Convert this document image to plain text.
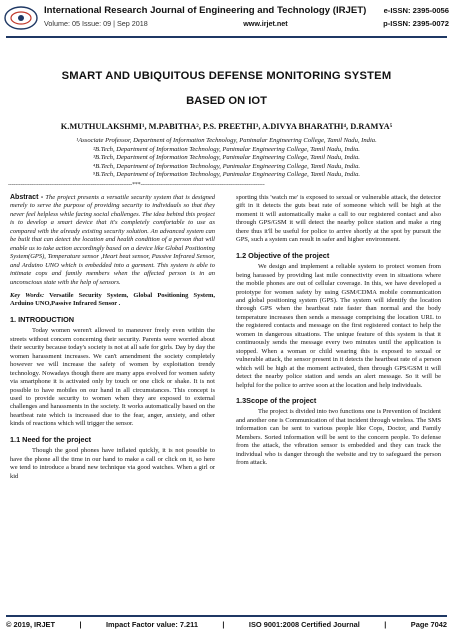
International Research Journal of Engineering and Technology (IRJET) e-ISSN: 2395-0056
Volume: 05 Issue: 09 | Sep 2018	www.irjet.net	p-ISSN: 2395-0072
SMART AND UBIQUITOUS DEFENSE MONITORING SYSTEM
BASED ON IOT
K.MUTHULAKSHMI¹, M.PABITHA², P.S. PREETHI³, A.DIVYA BHARATHI⁴, D.RAMYA⁵
¹Associate Professor, Department of Information Technology, Panimalar Engineering College, Tamil Nadu, India.
²B.Tech, Department of Information Technology, Panimalar Engineering College, Tamil Nadu, India.
³B.Tech, Department of Information Technology, Panimalar Engineering College, Tamil Nadu, India.
⁴B.Tech, Department of Information Technology, Panimalar Engineering College, Tamil Nadu, India.
⁵B.Tech, Department of Information Technology, Panimalar Engineering College, Tamil Nadu, India.
---------------------------------------------------------------------***---------------------------------------------------------------------

Abstract - The project presents a versatile security system that is designed merely to serve the purpose of providing security to individuals so that they never feel helpless while facing social challenges. The idea behind this project is to develop a smart device that it's completely comfortable to use as compared with the already existing security solution. An advanced system can be built that can detect the location and health condition of a person that will enable us to take action accordingly based on a device like Global Positioning System(GPS), Temperature sensor ,Heart beat sensor, Passive Infrared Sensor, and Arduino UNO which is embedded into a garment. This system is able to intimate cops and family members when the affected person is in an unconscious state with the help of sensors.

Key Words: Versatile Security System, Global Positioning System, Arduino UNO,Passive Infrared Sensor .

1. INTRODUCTION

Today women weren't allowed to maneuver freely even within the streets without concern concerning their security. Parents were worried about their security because today's society is not at all safe for girls. Day by day the women harassment increases. We can't amendment the society completely however we will increase the safety of women by exploitation trendy technology. Nowadays though there are many apps evolved for women safety via smartphone it is activated only by touch or one click or shake. It is not possible to have mobiles on our hand in all circumstances. This concept is used to provide security to women when they are exposed to external challenges and harassments in the society. It works automatically based on the heartbeat rate which is increased due to the fear, anger, anxiety, and other kinds of reactions which will trigger the sensor.

1.1 Need for the project

Though the good phones have inflated quickly, it is not possible to have the phone all the time in our hand to make a call or click on it, so here we tend to introduce a brand new technique via good watches. When a girl or kid

sporting this 'watch me' is exposed to sexual or vulnerable attack, the detector gift in it detects the guts beat rate of someone which will be high at the moment it will automatically make a call to our registered contact and also through GPS/GSM it will detect the nearby police station and make a ring there thus it'll be useful for police to arrive shortly at the spot by pursuit the GPS, such a system can result in safer and higher environment.

1.2 Objective of the project

We design and implement a reliable system to protect women from being harassed by providing last mile connectivity even in situations where the mobile phones are out of cellular coverage. In this, we have developed a prototype for women safety by using GSM/CDMA mobile communication and global positioning system (GPS). The system will identify the location through GPS when the heartbeat rate faster than normal and the body temperature increases then sends a message comprising the location URL to the registered contacts and message on the first registered contact to help the women in dangerous situations. The unique feature of this system is that it continuously sends the message every two minutes until the application is stopped. When a woman or child wearing this is exposed to sexual or vulnerable attack, the sensor present in it detects the heartbeat rate of a person which will be high at the moment activated, then through GPS/GSM it will detect the nearby police station and sends an alert message. So it will be helpful for the police to arrive soon at the location and help individuals.

1.3Scope of the project

The project is divided into two functions one is Prevention of Incident and another one is Communication of that incident through wireless. The SMS information can be sent to various people like Cops, Doctor, and Family Members. Sorted information will be sent to the concern people. To defense from the attack, the vibration sensor is embedded and they can track the individual who is danger through the website and try to safeguard the person from attack.

© 2019, IRJET	|	Impact Factor value: 7.211	|	ISO 9001:2008 Certified Journal	|	Page 7042
